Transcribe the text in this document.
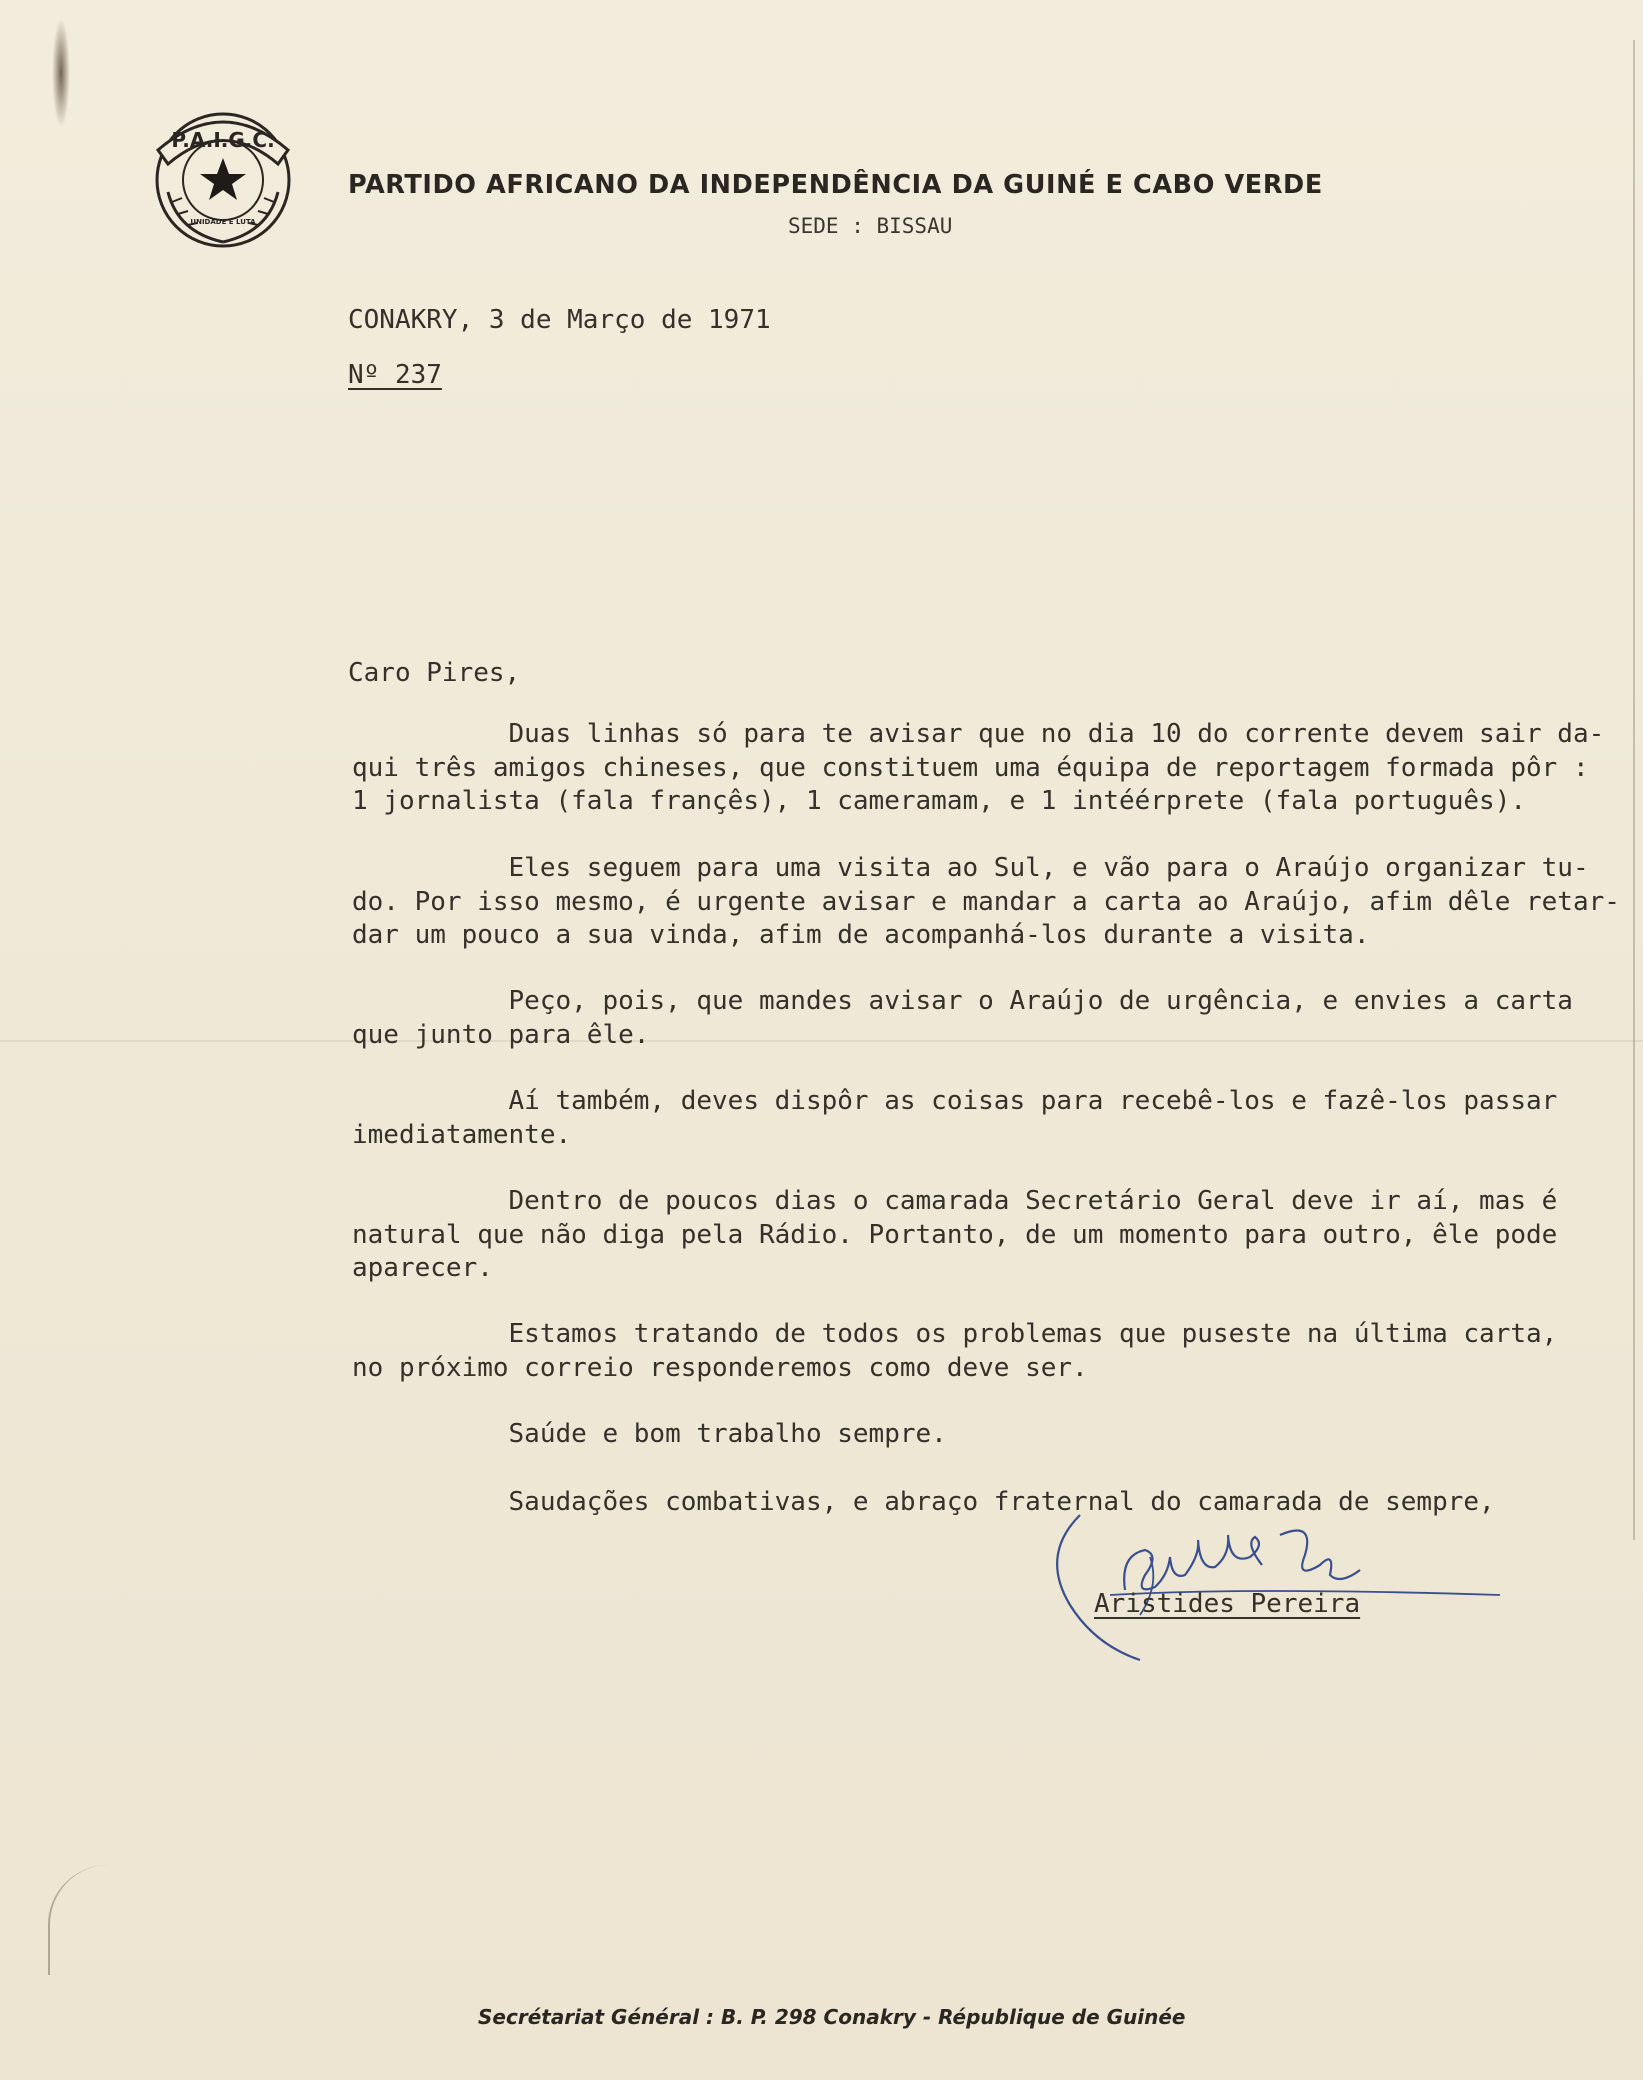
P.A.I.G.C.
UNIDADE E LUTA
PARTIDO AFRICANO DA INDEPENDÊNCIA DA GUINÉ E CABO VERDE
SEDE : BISSAU
CONAKRY, 3 de Março de 1971
Nº 237
Caro Pires,
Duas linhas só para te avisar que no dia 10 do corrente devem sair da-
qui três amigos chineses, que constituem uma équipa de reportagem formada pôr :
1 jornalista (fala françês), 1 cameramam, e 1 intéérprete (fala português).
Eles seguem para uma visita ao Sul, e vão para o Araújo organizar tu-
do. Por isso mesmo, é urgente avisar e mandar a carta ao Araújo, afim dêle retar-
dar um pouco a sua vinda, afim de acompanhá-los durante a visita.
Peço, pois, que mandes avisar o Araújo de urgência, e envies a carta
que junto para êle.
Aí também, deves dispôr as coisas para recebê-los e fazê-los passar
imediatamente.
Dentro de poucos dias o camarada Secretário Geral deve ir aí, mas é
natural que não diga pela Rádio. Portanto, de um momento para outro, êle pode
aparecer.
Estamos tratando de todos os problemas que puseste na última carta,
no próximo correio responderemos como deve ser.
Saúde e bom trabalho sempre.
Saudações combativas, e abraço fraternal do camarada de sempre,
Aristides Pereira
Secrétariat Général : B. P. 298 Conakry - République de Guinée
